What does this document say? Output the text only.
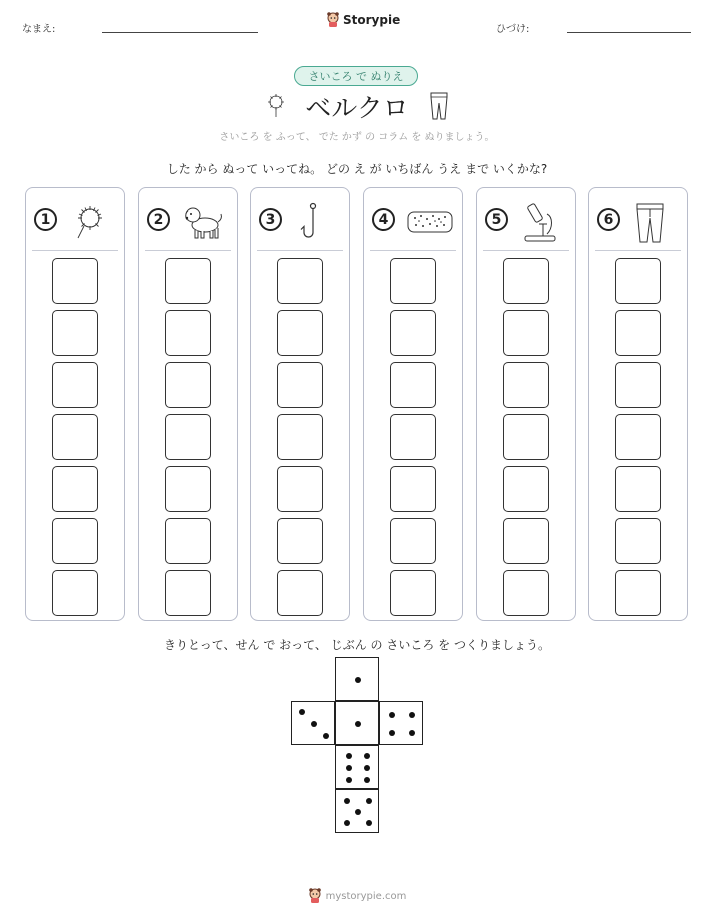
なまえ:
Storypie
ひづけ:
さいころ で ぬりえ
ベルクロ
さいころ を ふって、 でた かず の コラム を ぬりましょう。
した から ぬって いってね。 どの え が いちばん うえ まで いくかな?
1	2	3	4	5	6
きりとって、せん で おって、 じぶん の さいころ を つくりましょう。
mystorypie.com
